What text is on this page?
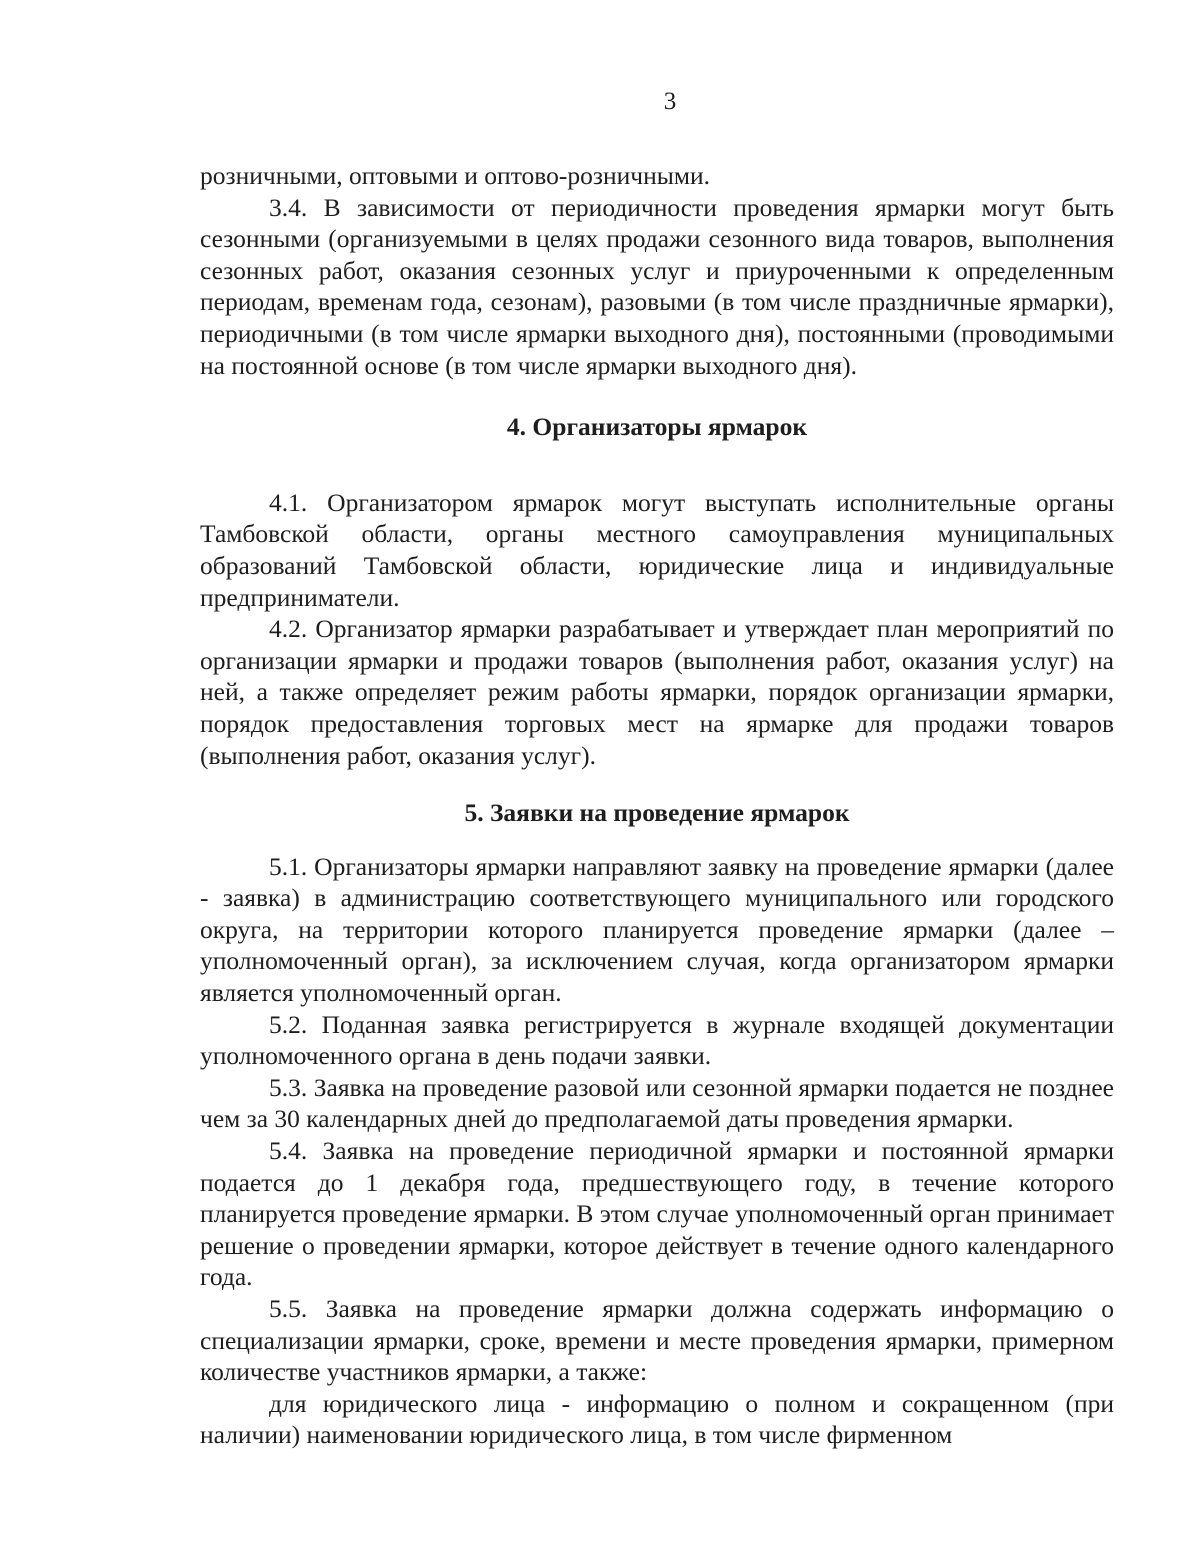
3

розничными, оптовыми и оптово-розничными.

3.4. В зависимости от периодичности проведения ярмарки могут быть сезонными (организуемыми в целях продажи сезонного вида товаров, выполнения сезонных работ, оказания сезонных услуг и приуроченными к определенным периодам, временам года, сезонам), разовыми (в том числе праздничные ярмарки), периодичными (в том числе ярмарки выходного дня), постоянными (проводимыми на постоянной основе (в том числе ярмарки выходного дня).

4. Организаторы ярмарок

4.1. Организатором ярмарок могут выступать исполнительные органы Тамбовской области, органы местного самоуправления муниципальных образований Тамбовской области, юридические лица и индивидуальные предприниматели.

4.2. Организатор ярмарки разрабатывает и утверждает план мероприятий по организации ярмарки и продажи товаров (выполнения работ, оказания услуг) на ней, а также определяет режим работы ярмарки, порядок организации ярмарки, порядок предоставления торговых мест на ярмарке для продажи товаров (выполнения работ, оказания услуг).

5. Заявки на проведение ярмарок

5.1. Организаторы ярмарки направляют заявку на проведение ярмарки (далее - заявка) в администрацию соответствующего муниципального или городского округа, на территории которого планируется проведение ярмарки (далее – уполномоченный орган), за исключением случая, когда организатором ярмарки является уполномоченный орган.

5.2. Поданная заявка регистрируется в журнале входящей документации уполномоченного органа в день подачи заявки.

5.3. Заявка на проведение разовой или сезонной ярмарки подается не позднее чем за 30 календарных дней до предполагаемой даты проведения ярмарки.

5.4. Заявка на проведение периодичной ярмарки и постоянной ярмарки подается до 1 декабря года, предшествующего году, в течение которого планируется проведение ярмарки. В этом случае уполномоченный орган принимает решение о проведении ярмарки, которое действует в течение одного календарного года.

5.5. Заявка на проведение ярмарки должна содержать информацию о специализации ярмарки, сроке, времени и месте проведения ярмарки, примерном количестве участников ярмарки, а также:

для юридического лица - информацию о полном и сокращенном (при наличии) наименовании юридического лица, в том числе фирменном
